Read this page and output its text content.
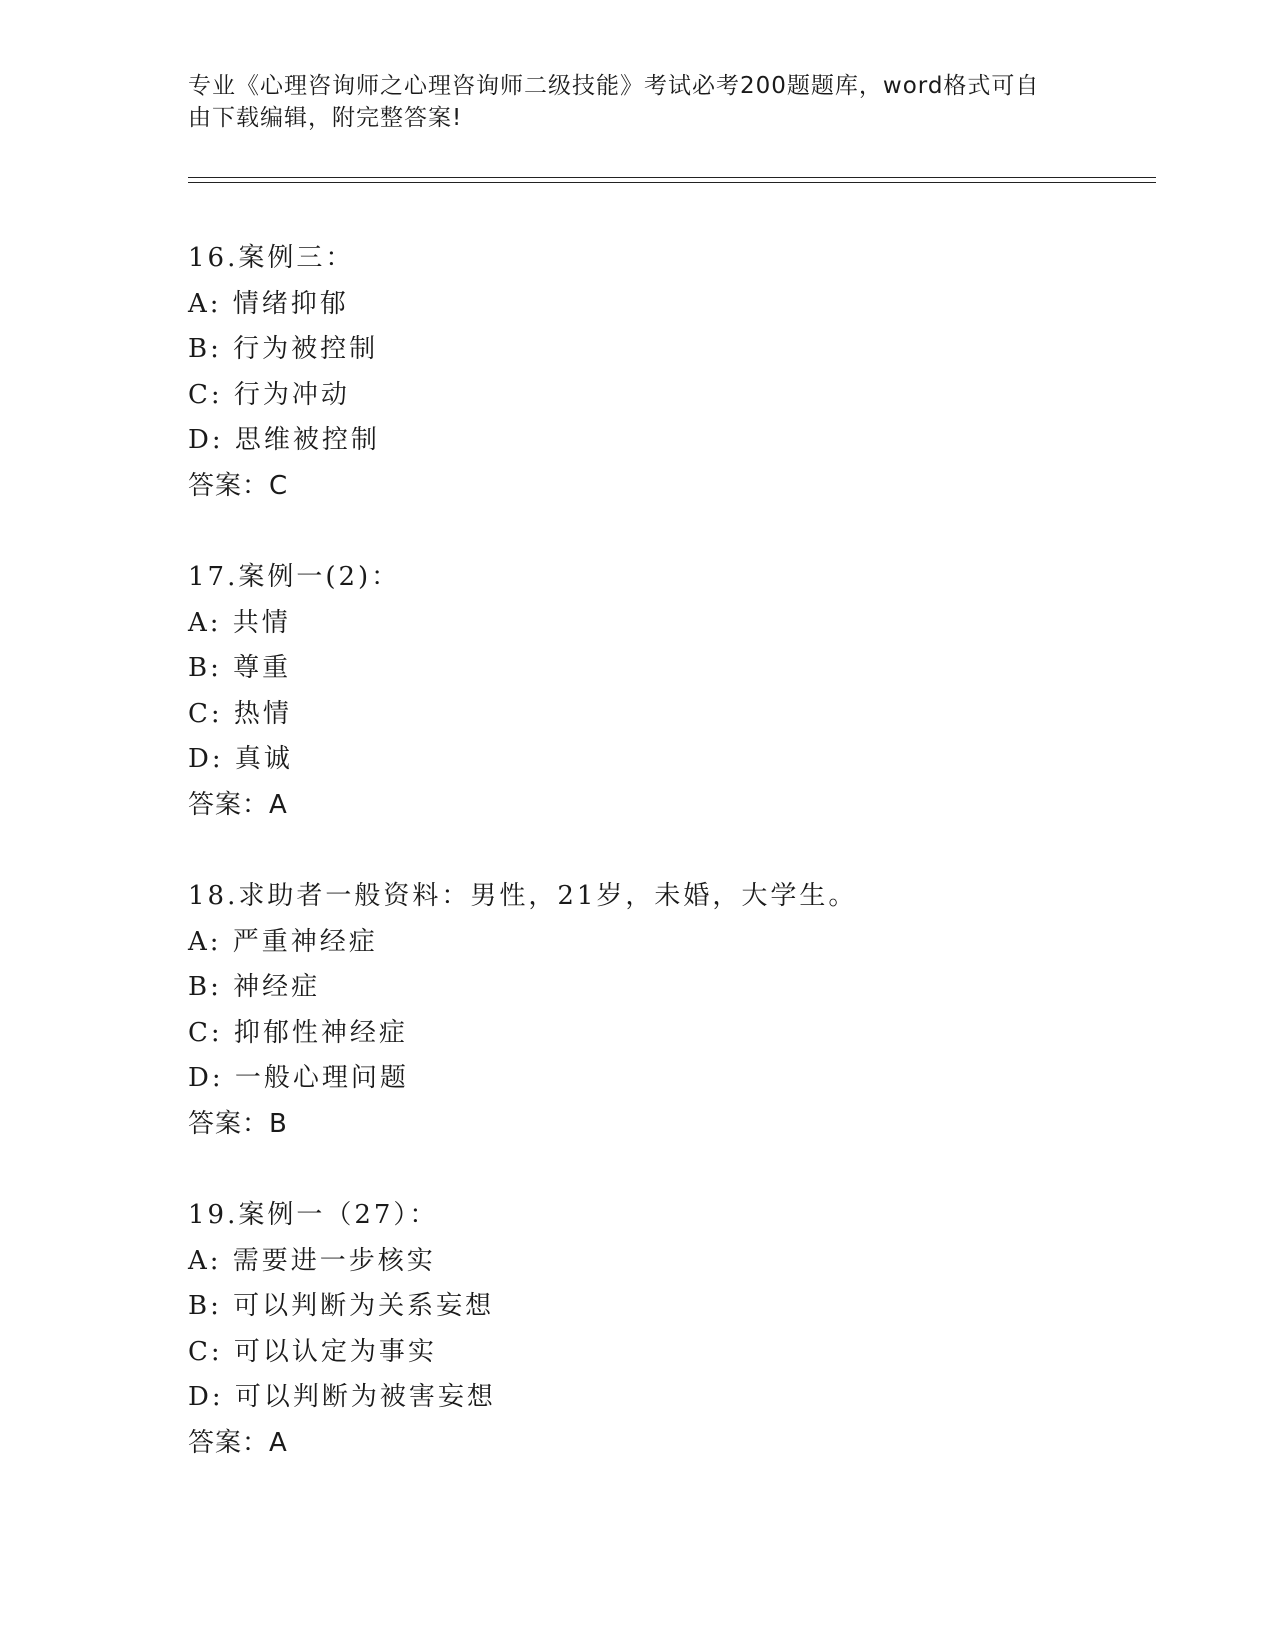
专业《心理咨询师之心理咨询师二级技能》考试必考200题题库，word格式可自
由下载编辑，附完整答案!
16.案例三：
A: 情绪抑郁
B: 行为被控制
C: 行为冲动
D: 思维被控制
答案：C
17.案例一(2)：
A: 共情
B: 尊重
C: 热情
D: 真诚
答案：A
18.求助者一般资料：男性，21岁，未婚，大学生。
A: 严重神经症
B: 神经症
C: 抑郁性神经症
D: 一般心理问题
答案：B
19.案例一（27）：
A: 需要进一步核实
B: 可以判断为关系妄想
C: 可以认定为事实
D: 可以判断为被害妄想
答案：A
